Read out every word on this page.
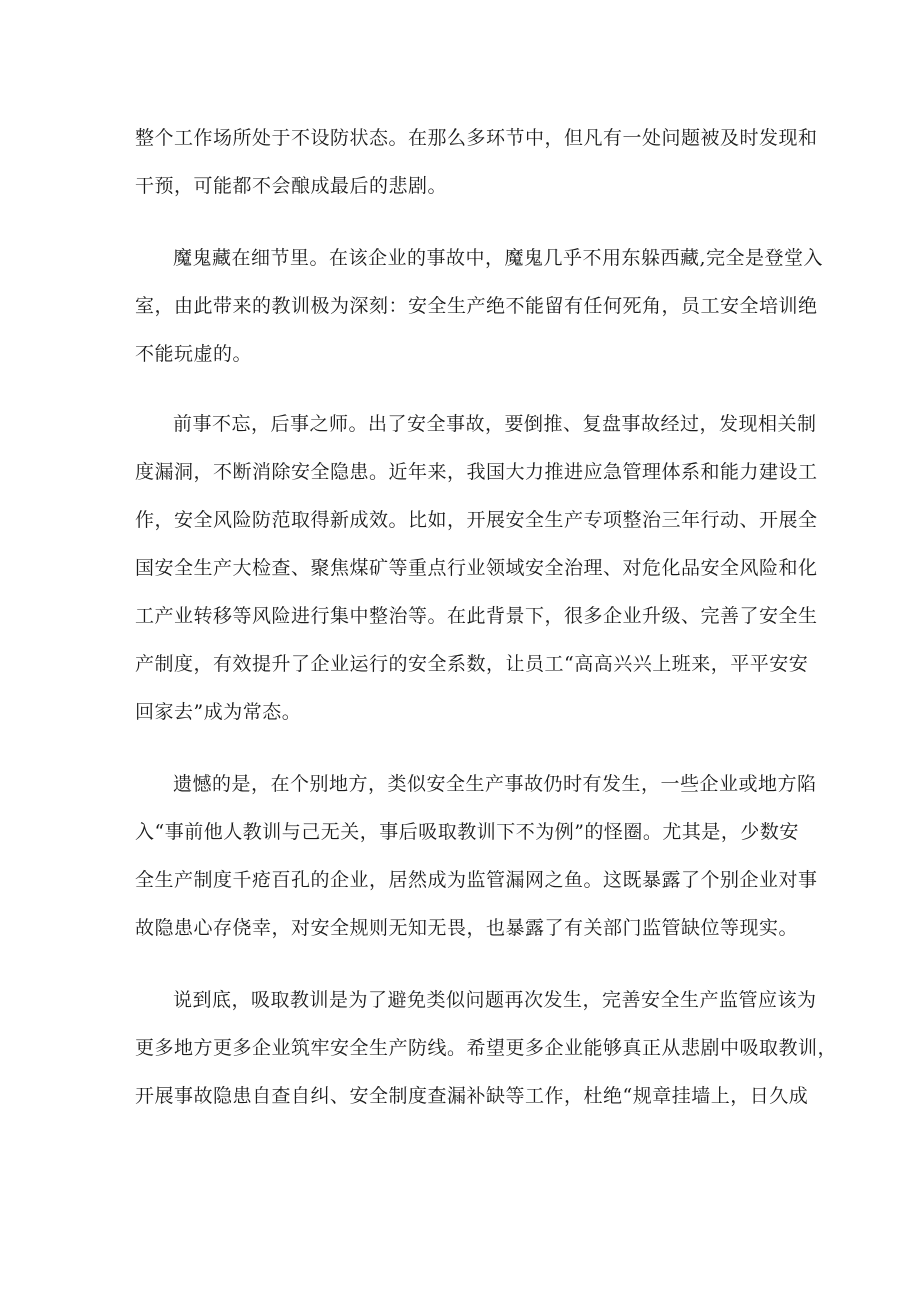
整个工作场所处于不设防状态。在那么多环节中，但凡有一处问题被及时发现和
干预，可能都不会酿成最后的悲剧。
魔鬼藏在细节里。在该企业的事故中，魔鬼几乎不用东躲西藏,完全是登堂入
室，由此带来的教训极为深刻：安全生产绝不能留有任何死角，员工安全培训绝
不能玩虚的。
前事不忘，后事之师。出了安全事故，要倒推、复盘事故经过，发现相关制
度漏洞，不断消除安全隐患。近年来，我国大力推进应急管理体系和能力建设工
作，安全风险防范取得新成效。比如，开展安全生产专项整治三年行动、开展全
国安全生产大检查、聚焦煤矿等重点行业领域安全治理、对危化品安全风险和化
工产业转移等风险进行集中整治等。在此背景下，很多企业升级、完善了安全生
产制度，有效提升了企业运行的安全系数，让员工“高高兴兴上班来，平平安安
回家去”成为常态。
遗憾的是，在个别地方，类似安全生产事故仍时有发生，一些企业或地方陷
入“事前他人教训与己无关，事后吸取教训下不为例”的怪圈。尤其是，少数安
全生产制度千疮百孔的企业，居然成为监管漏网之鱼。这既暴露了个别企业对事
故隐患心存侥幸，对安全规则无知无畏，也暴露了有关部门监管缺位等现实。
说到底，吸取教训是为了避免类似问题再次发生，完善安全生产监管应该为
更多地方更多企业筑牢安全生产防线。希望更多企业能够真正从悲剧中吸取教训，
开展事故隐患自查自纠、安全制度查漏补缺等工作，杜绝“规章挂墙上，日久成
